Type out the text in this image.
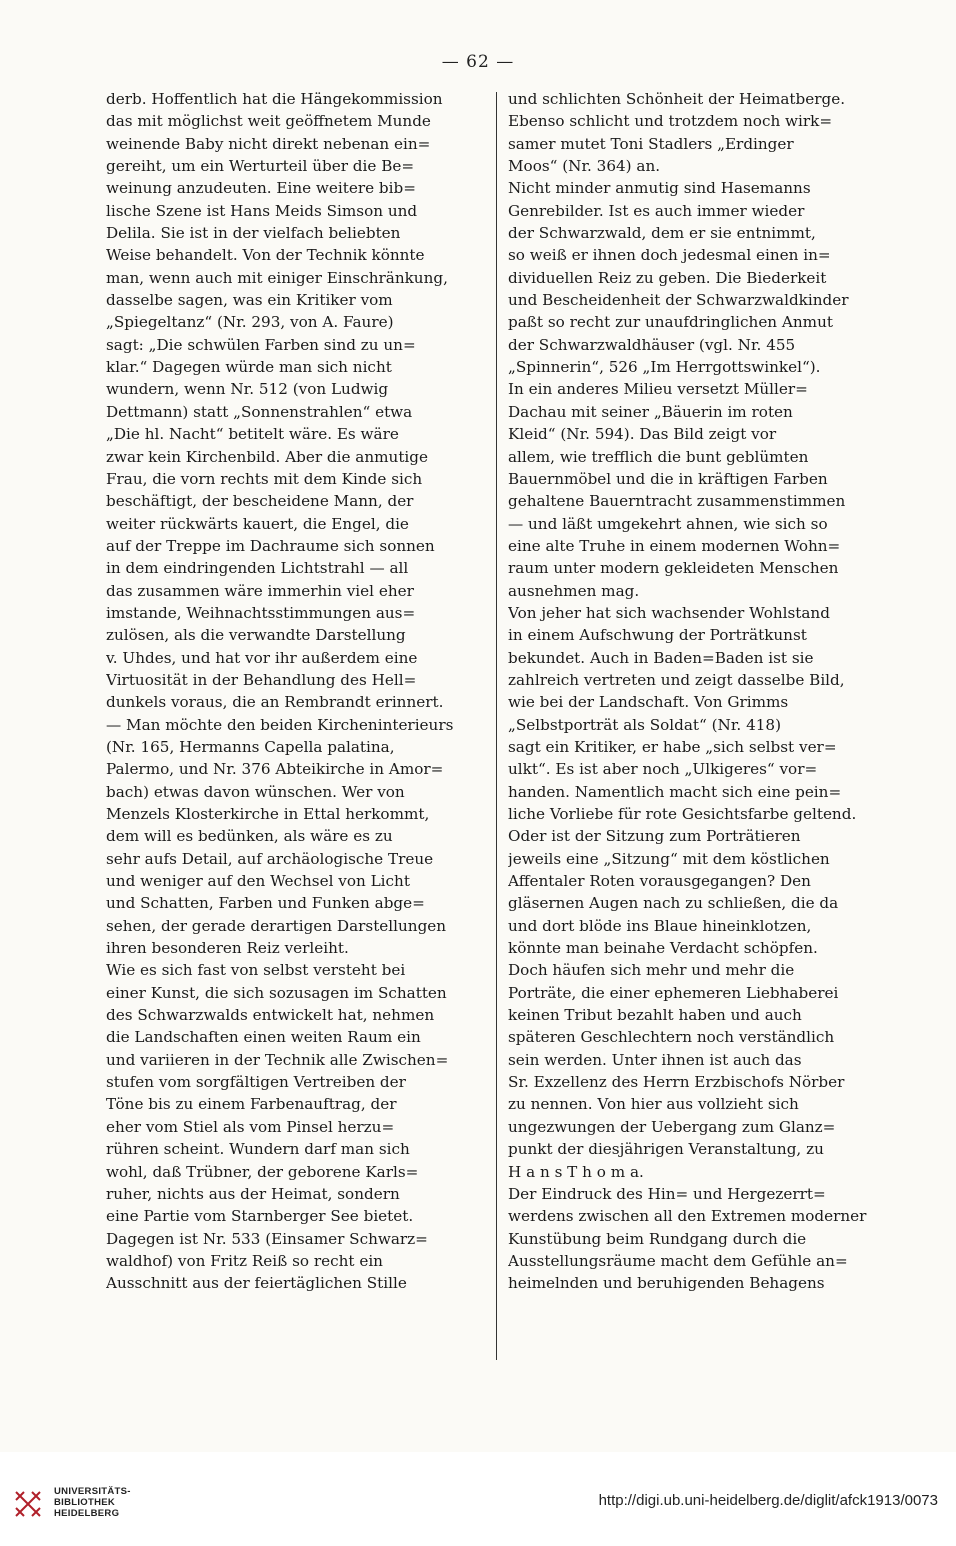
— 62 —
derb. Hoffentlich hat die Hängekommission
das mit möglichst weit geöffnetem Munde
weinende Baby nicht direkt nebenan ein=
gereiht, um ein Werturteil über die Be=
weinung anzudeuten. Eine weitere bib=
lische Szene ist Hans Meids Simson und
Delila. Sie ist in der vielfach beliebten
Weise behandelt. Von der Technik könnte
man, wenn auch mit einiger Einschränkung,
dasselbe sagen, was ein Kritiker vom
„Spiegeltanz“ (Nr. 293, von A. Faure)
sagt: „Die schwülen Farben sind zu un=
klar.“ Dagegen würde man sich nicht
wundern, wenn Nr. 512 (von Ludwig
Dettmann) statt „Sonnenstrahlen“ etwa
„Die hl. Nacht“ betitelt wäre. Es wäre
zwar kein Kirchenbild. Aber die anmutige
Frau, die vorn rechts mit dem Kinde sich
beschäftigt, der bescheidene Mann, der
weiter rückwärts kauert, die Engel, die
auf der Treppe im Dachraume sich sonnen
in dem eindringenden Lichtstrahl — all
das zusammen wäre immerhin viel eher
imstande, Weihnachtsstimmungen aus=
zulösen, als die verwandte Darstellung
v. Uhdes, und hat vor ihr außerdem eine
Virtuosität in der Behandlung des Hell=
dunkels voraus, die an Rembrandt erinnert.
— Man möchte den beiden Kircheninterieurs
(Nr. 165, Hermanns Capella palatina,
Palermo, und Nr. 376 Abteikirche in Amor=
bach) etwas davon wünschen. Wer von
Menzels Klosterkirche in Ettal herkommt,
dem will es bedünken, als wäre es zu
sehr aufs Detail, auf archäologische Treue
und weniger auf den Wechsel von Licht
und Schatten, Farben und Funken abge=
sehen, der gerade derartigen Darstellungen
ihren besonderen Reiz verleiht.
Wie es sich fast von selbst versteht bei
einer Kunst, die sich sozusagen im Schatten
des Schwarzwalds entwickelt hat, nehmen
die Landschaften einen weiten Raum ein
und variieren in der Technik alle Zwischen=
stufen vom sorgfältigen Vertreiben der
Töne bis zu einem Farbenauftrag, der
eher vom Stiel als vom Pinsel herzu=
rühren scheint. Wundern darf man sich
wohl, daß Trübner, der geborene Karls=
ruher, nichts aus der Heimat, sondern
eine Partie vom Starnberger See bietet.
Dagegen ist Nr. 533 (Einsamer Schwarz=
waldhof) von Fritz Reiß so recht ein
Ausschnitt aus der feiertäglichen Stille
und schlichten Schönheit der Heimatberge.
Ebenso schlicht und trotzdem noch wirk=
samer mutet Toni Stadlers „Erdinger
Moos“ (Nr. 364) an.
Nicht minder anmutig sind Hasemanns
Genrebilder. Ist es auch immer wieder
der Schwarzwald, dem er sie entnimmt,
so weiß er ihnen doch jedesmal einen in=
dividuellen Reiz zu geben. Die Biederkeit
und Bescheidenheit der Schwarzwaldkinder
paßt so recht zur unaufdringlichen Anmut
der Schwarzwaldhäuser (vgl. Nr. 455
„Spinnerin“, 526 „Im Herrgottswinkel“).
In ein anderes Milieu versetzt Müller=
Dachau mit seiner „Bäuerin im roten
Kleid“ (Nr. 594). Das Bild zeigt vor
allem, wie trefflich die bunt geblümten
Bauernmöbel und die in kräftigen Farben
gehaltene Bauerntracht zusammenstimmen
— und läßt umgekehrt ahnen, wie sich so
eine alte Truhe in einem modernen Wohn=
raum unter modern gekleideten Menschen
ausnehmen mag.
Von jeher hat sich wachsender Wohlstand
in einem Aufschwung der Porträtkunst
bekundet. Auch in Baden=Baden ist sie
zahlreich vertreten und zeigt dasselbe Bild,
wie bei der Landschaft. Von Grimms
„Selbstporträt als Soldat“ (Nr. 418)
sagt ein Kritiker, er habe „sich selbst ver=
ulkt“. Es ist aber noch „Ulkigeres“ vor=
handen. Namentlich macht sich eine pein=
liche Vorliebe für rote Gesichtsfarbe geltend.
Oder ist der Sitzung zum Porträtieren
jeweils eine „Sitzung“ mit dem köstlichen
Affentaler Roten vorausgegangen? Den
gläsernen Augen nach zu schließen, die da
und dort blöde ins Blaue hineinklotzen,
könnte man beinahe Verdacht schöpfen.
Doch häufen sich mehr und mehr die
Porträte, die einer ephemeren Liebhaberei
keinen Tribut bezahlt haben und auch
späteren Geschlechtern noch verständlich
sein werden. Unter ihnen ist auch das
Sr. Exzellenz des Herrn Erzbischofs Nörber
zu nennen. Von hier aus vollzieht sich
ungezwungen der Uebergang zum Glanz=
punkt der diesjährigen Veranstaltung, zu
H a n s T h o m a.
Der Eindruck des Hin= und Hergezerrt=
werdens zwischen all den Extremen moderner
Kunstübung beim Rundgang durch die
Ausstellungsräume macht dem Gefühle an=
heimelnden und beruhigenden Behagens
UNIVERSITÄTS-
BIBLIOTHEK
HEIDELBERG
http://digi.ub.uni-heidelberg.de/diglit/afck1913/0073
